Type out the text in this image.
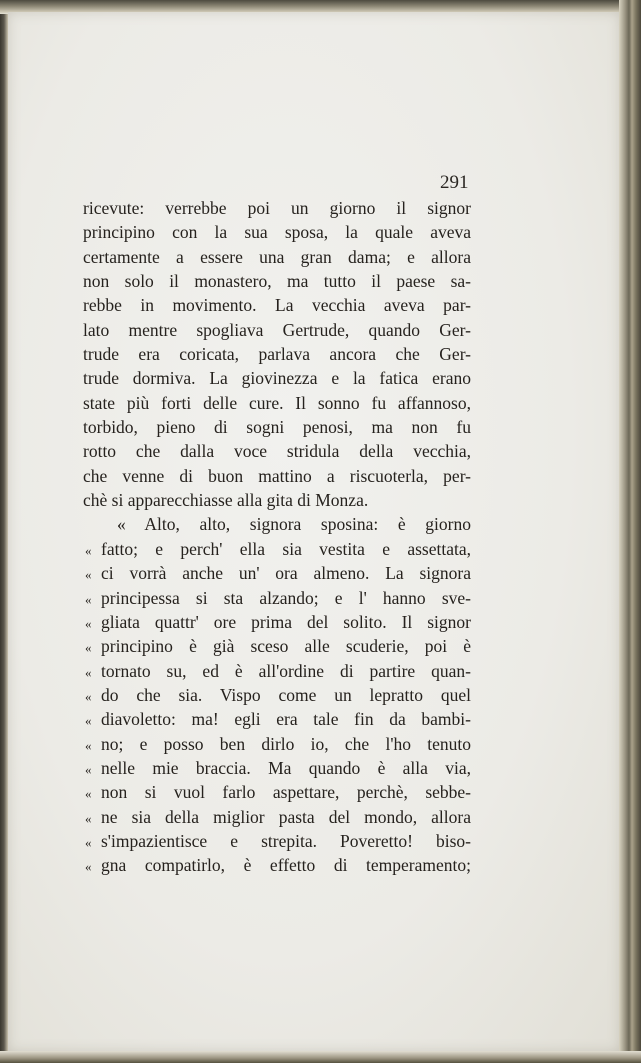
291
ricevute: verrebbe poi un giorno il signor
principino con la sua sposa, la quale aveva
certamente a essere una gran dama; e allora
non solo il monastero, ma tutto il paese sa-
rebbe in movimento. La vecchia aveva par-
lato mentre spogliava Gertrude, quando Ger-
trude era coricata, parlava ancora che Ger-
trude dormiva. La giovinezza e la fatica erano
state più forti delle cure. Il sonno fu affannoso,
torbido, pieno di sogni penosi, ma non fu
rotto che dalla voce stridula della vecchia,
che venne di buon mattino a riscuoterla, per-
chè si apparecchiasse alla gita di Monza.
« Alto, alto, signora sposina: è giorno
« fatto; e perch' ella sia vestita e assettata,
« ci vorrà anche un' ora almeno. La signora
« principessa si sta alzando; e l' hanno sve-
« gliata quattr' ore prima del solito. Il signor
« principino è già sceso alle scuderie, poi è
« tornato su, ed è all'ordine di partire quan-
« do che sia. Vispo come un lepratto quel
« diavoletto: ma! egli era tale fin da bambi-
« no; e posso ben dirlo io, che l'ho tenuto
« nelle mie braccia. Ma quando è alla via,
« non si vuol farlo aspettare, perchè, sebbe-
« ne sia della miglior pasta del mondo, allora
« s'impazientisce e strepita. Poveretto! biso-
« gna compatirlo, è effetto di temperamento;
